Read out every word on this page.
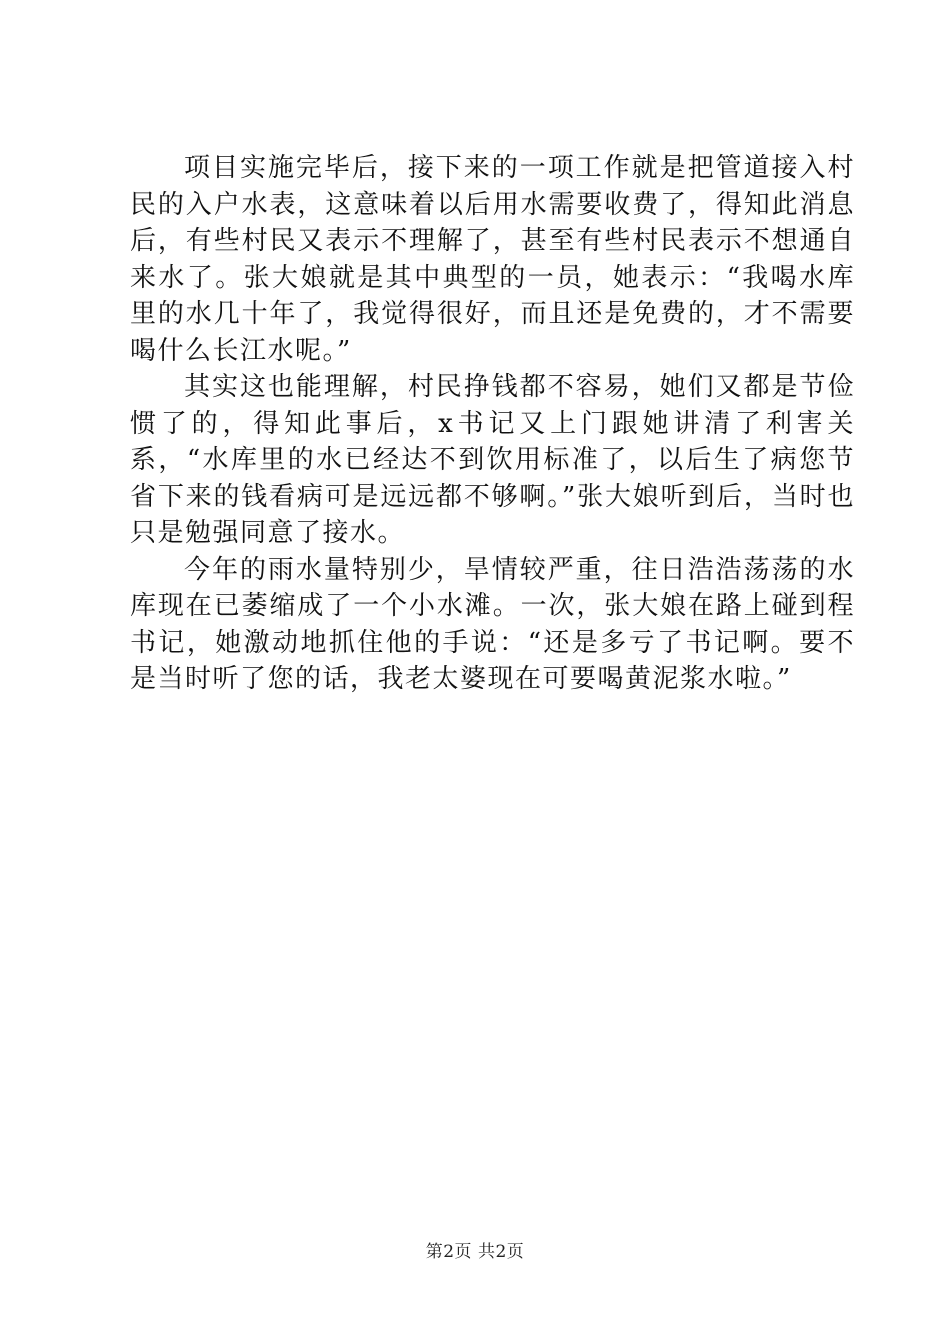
项目实施完毕后，接下来的一项工作就是把管道接入村民的入户水表，这意味着以后用水需要收费了，得知此消息后，有些村民又表示不理解了，甚至有些村民表示不想通自来水了。张大娘就是其中典型的一员，她表示：“我喝水库里的水几十年了，我觉得很好，而且还是免费的，才不需要喝什么长江水呢。”

其实这也能理解，村民挣钱都不容易，她们又都是节俭惯了的，得知此事后，x书记又上门跟她讲清了利害关系，“水库里的水已经达不到饮用标准了，以后生了病您节省下来的钱看病可是远远都不够啊。”张大娘听到后，当时也只是勉强同意了接水。

今年的雨水量特别少，旱情较严重，往日浩浩荡荡的水库现在已萎缩成了一个小水滩。一次，张大娘在路上碰到程书记，她激动地抓住他的手说：“还是多亏了书记啊。要不是当时听了您的话，我老太婆现在可要喝黄泥浆水啦。”

第2页 共2页
